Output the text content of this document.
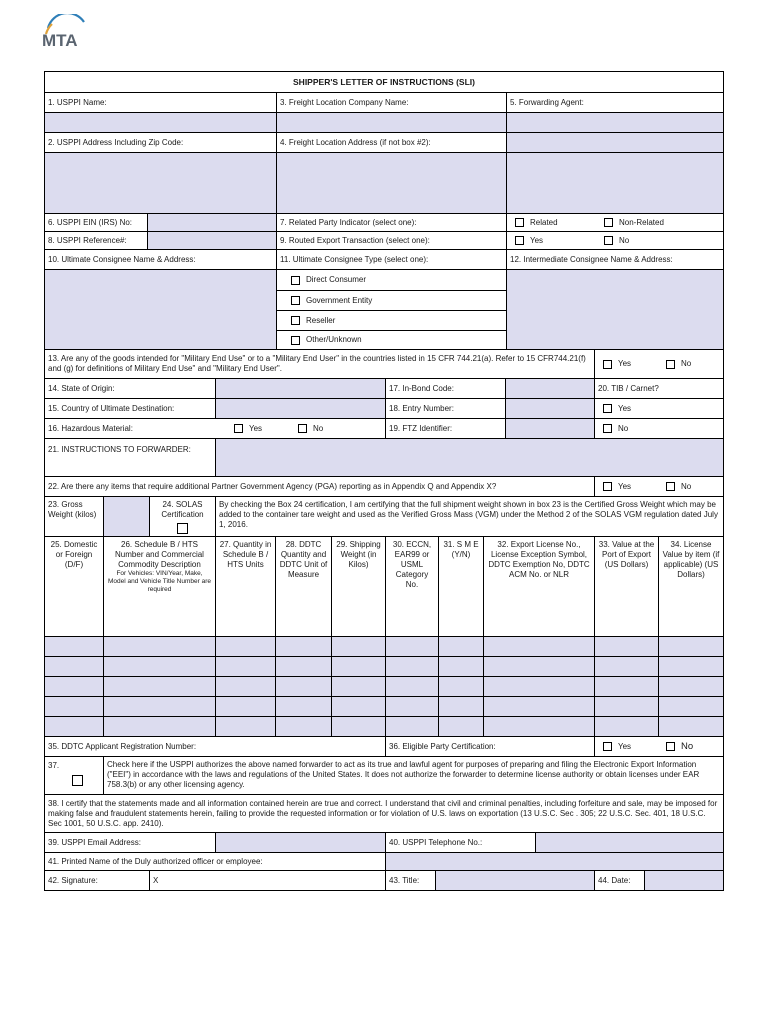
MTA
SHIPPER'S LETTER OF INSTRUCTIONS (SLI)
1. USPPI Name:	3. Freight Location Company Name:	5. Forwarding Agent:
2. USPPI Address Including Zip Code:	4. Freight Location Address (if not box #2):
6. USPPI EIN (IRS) No:	7. Related Party Indicator (select one):	Related	Non-Related
8. USPPI Reference#:	9. Routed Export Transaction (select one):	Yes	No
10. Ultimate Consignee Name & Address:	11. Ultimate Consignee Type (select one):	12. Intermediate Consignee Name & Address:
Direct Consumer
Government Entity
Reseller
Other/Unknown
13. Are any of the goods intended for "Military End Use" or to a "Military End User" in the countries listed in 15 CFR 744.21(a). Refer to 15 CFR744.21(f) and (g) for definitions of Military End Use" and "Military End User".
Yes	No
14. State of Origin:	17. In-Bond Code:	20. TIB / Carnet?
15. Country of Ultimate Destination:	18. Entry Number:	Yes
16. Hazardous Material:	Yes	No	19. FTZ Identifier:	No
21. INSTRUCTIONS TO FORWARDER:
22. Are there any items that require additional Partner Government Agency (PGA) reporting as in Appendix Q and Appendix X?	Yes	No
23. Gross Weight (kilos)
24. SOLAS Certification
By checking the Box 24 certification, I am certifying that the full shipment weight shown in box 23 is the Certified Gross Weight which may be added to the container tare weight and used as the Verified Gross Mass (VGM) under the Method 2 of the SOLAS VGM regulation dated July 1, 2016.
25. Domestic or Foreign (D/F)
26. Schedule B / HTS Number and Commercial Commodity Description
For Vehicles: VIN/Year, Make, Model and Vehicle Title Number are required
27. Quantity in Schedule B / HTS Units
28. DDTC Quantity and DDTC Unit of Measure
29. Shipping Weight (in Kilos)
30. ECCN, EAR99 or USML Category No.
31. S M E (Y/N)
32. Export License No., License Exception Symbol, DDTC Exemption No, DDTC ACM No. or NLR
33. Value at the Port of Export (US Dollars)
34. License Value by item (if applicable) (US Dollars)
35. DDTC Applicant Registration Number:	36. Eligible Party Certification:	Yes	No
37.	Check here if the USPPI authorizes the above named forwarder to act as its true and lawful agent for purposes of preparing and filing the Electronic Export Information ("EEI") in accordance with the laws and regulations of the United States. It does not authorize the forwarder to determine license authority or obtain licenses under EAR 758.3(b) or any other licensing agency.
38. I certify that the statements made and all information contained herein are true and correct. I understand that civil and criminal penalties, including forfeiture and sale, may be imposed for making false and fraudulent statements herein, failing to provide the requested information or for violation of U.S. laws on exportation (13 U.S.C. Sec . 305; 22 U.S.C. Sec. 401, 18 U.S.C. Sec 1001, 50 U.S.C. app. 2410).
39. USPPI Email Address:	40. USPPI Telephone No.:
41. Printed Name of the Duly authorized officer or employee:
42. Signature:	X	43. Title:	44. Date:
